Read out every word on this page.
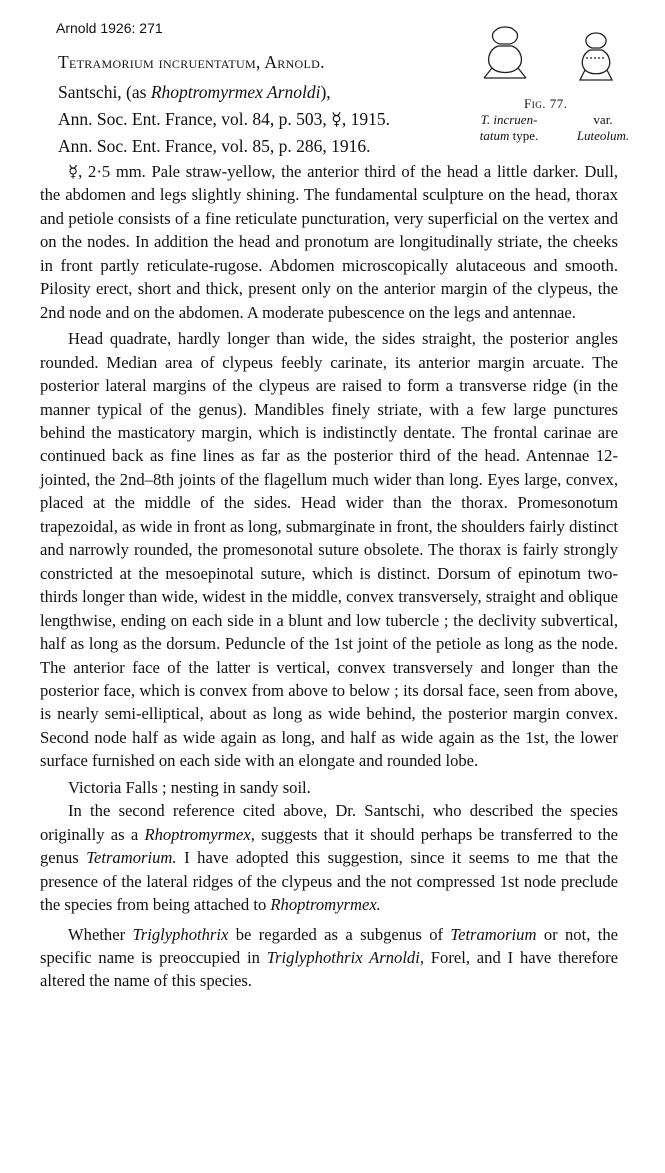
Arnold 1926: 271
Tetramorium incruentatum, Arnold.
Santschi, (as Rhoptromyrmex Arnoldi),
Ann. Soc. Ent. France, vol. 84, p. 503, ☿, 1915.
Ann. Soc. Ent. France, vol. 85, p. 286, 1916.
Fig. 77.
T. incruen-
tatum type.
var.
Luteolum.

☿, 2·5 mm. Pale straw-yellow, the anterior third of the head a little darker. Dull, the abdomen and legs slightly shining. The fundamental sculpture on the head, thorax and petiole consists of a fine reticulate puncturation, very superficial on the vertex and on the nodes. In addition the head and pronotum are longitudinally striate, the cheeks in front partly reticulate-rugose. Abdomen microscopically alutaceous and smooth. Pilosity erect, short and thick, present only on the anterior margin of the clypeus, the 2nd node and on the abdomen. A moderate pubescence on the legs and antennae.

Head quadrate, hardly longer than wide, the sides straight, the posterior angles rounded. Median area of clypeus feebly carinate, its anterior margin arcuate. The posterior lateral margins of the clypeus are raised to form a transverse ridge (in the manner typical of the genus). Mandibles finely striate, with a few large punctures behind the masticatory margin, which is indistinctly dentate. The frontal carinae are continued back as fine lines as far as the posterior third of the head. Antennae 12-jointed, the 2nd–8th joints of the flagellum much wider than long. Eyes large, convex, placed at the middle of the sides. Head wider than the thorax. Promesonotum trapezoidal, as wide in front as long, submarginate in front, the shoulders fairly distinct and narrowly rounded, the promesonotal suture obsolete. The thorax is fairly strongly constricted at the mesoepinotal suture, which is distinct. Dorsum of epinotum two-thirds longer than wide, widest in the middle, convex transversely, straight and oblique lengthwise, ending on each side in a blunt and low tubercle ; the declivity subvertical, half as long as the dorsum. Peduncle of the 1st joint of the petiole as long as the node. The anterior face of the latter is vertical, convex transversely and longer than the posterior face, which is convex from above to below ; its dorsal face, seen from above, is nearly semi-elliptical, about as long as wide behind, the posterior margin convex. Second node half as wide again as long, and half as wide again as the 1st, the lower surface furnished on each side with an elongate and rounded lobe.

Victoria Falls ; nesting in sandy soil.

In the second reference cited above, Dr. Santschi, who described the species originally as a Rhoptromyrmex, suggests that it should perhaps be transferred to the genus Tetramorium. I have adopted this suggestion, since it seems to me that the presence of the lateral ridges of the clypeus and the not compressed 1st node preclude the species from being attached to Rhoptromyrmex.

Whether Triglyphothrix be regarded as a subgenus of Tetramorium or not, the specific name is preoccupied in Triglyphothrix Arnoldi, Forel, and I have therefore altered the name of this species.
